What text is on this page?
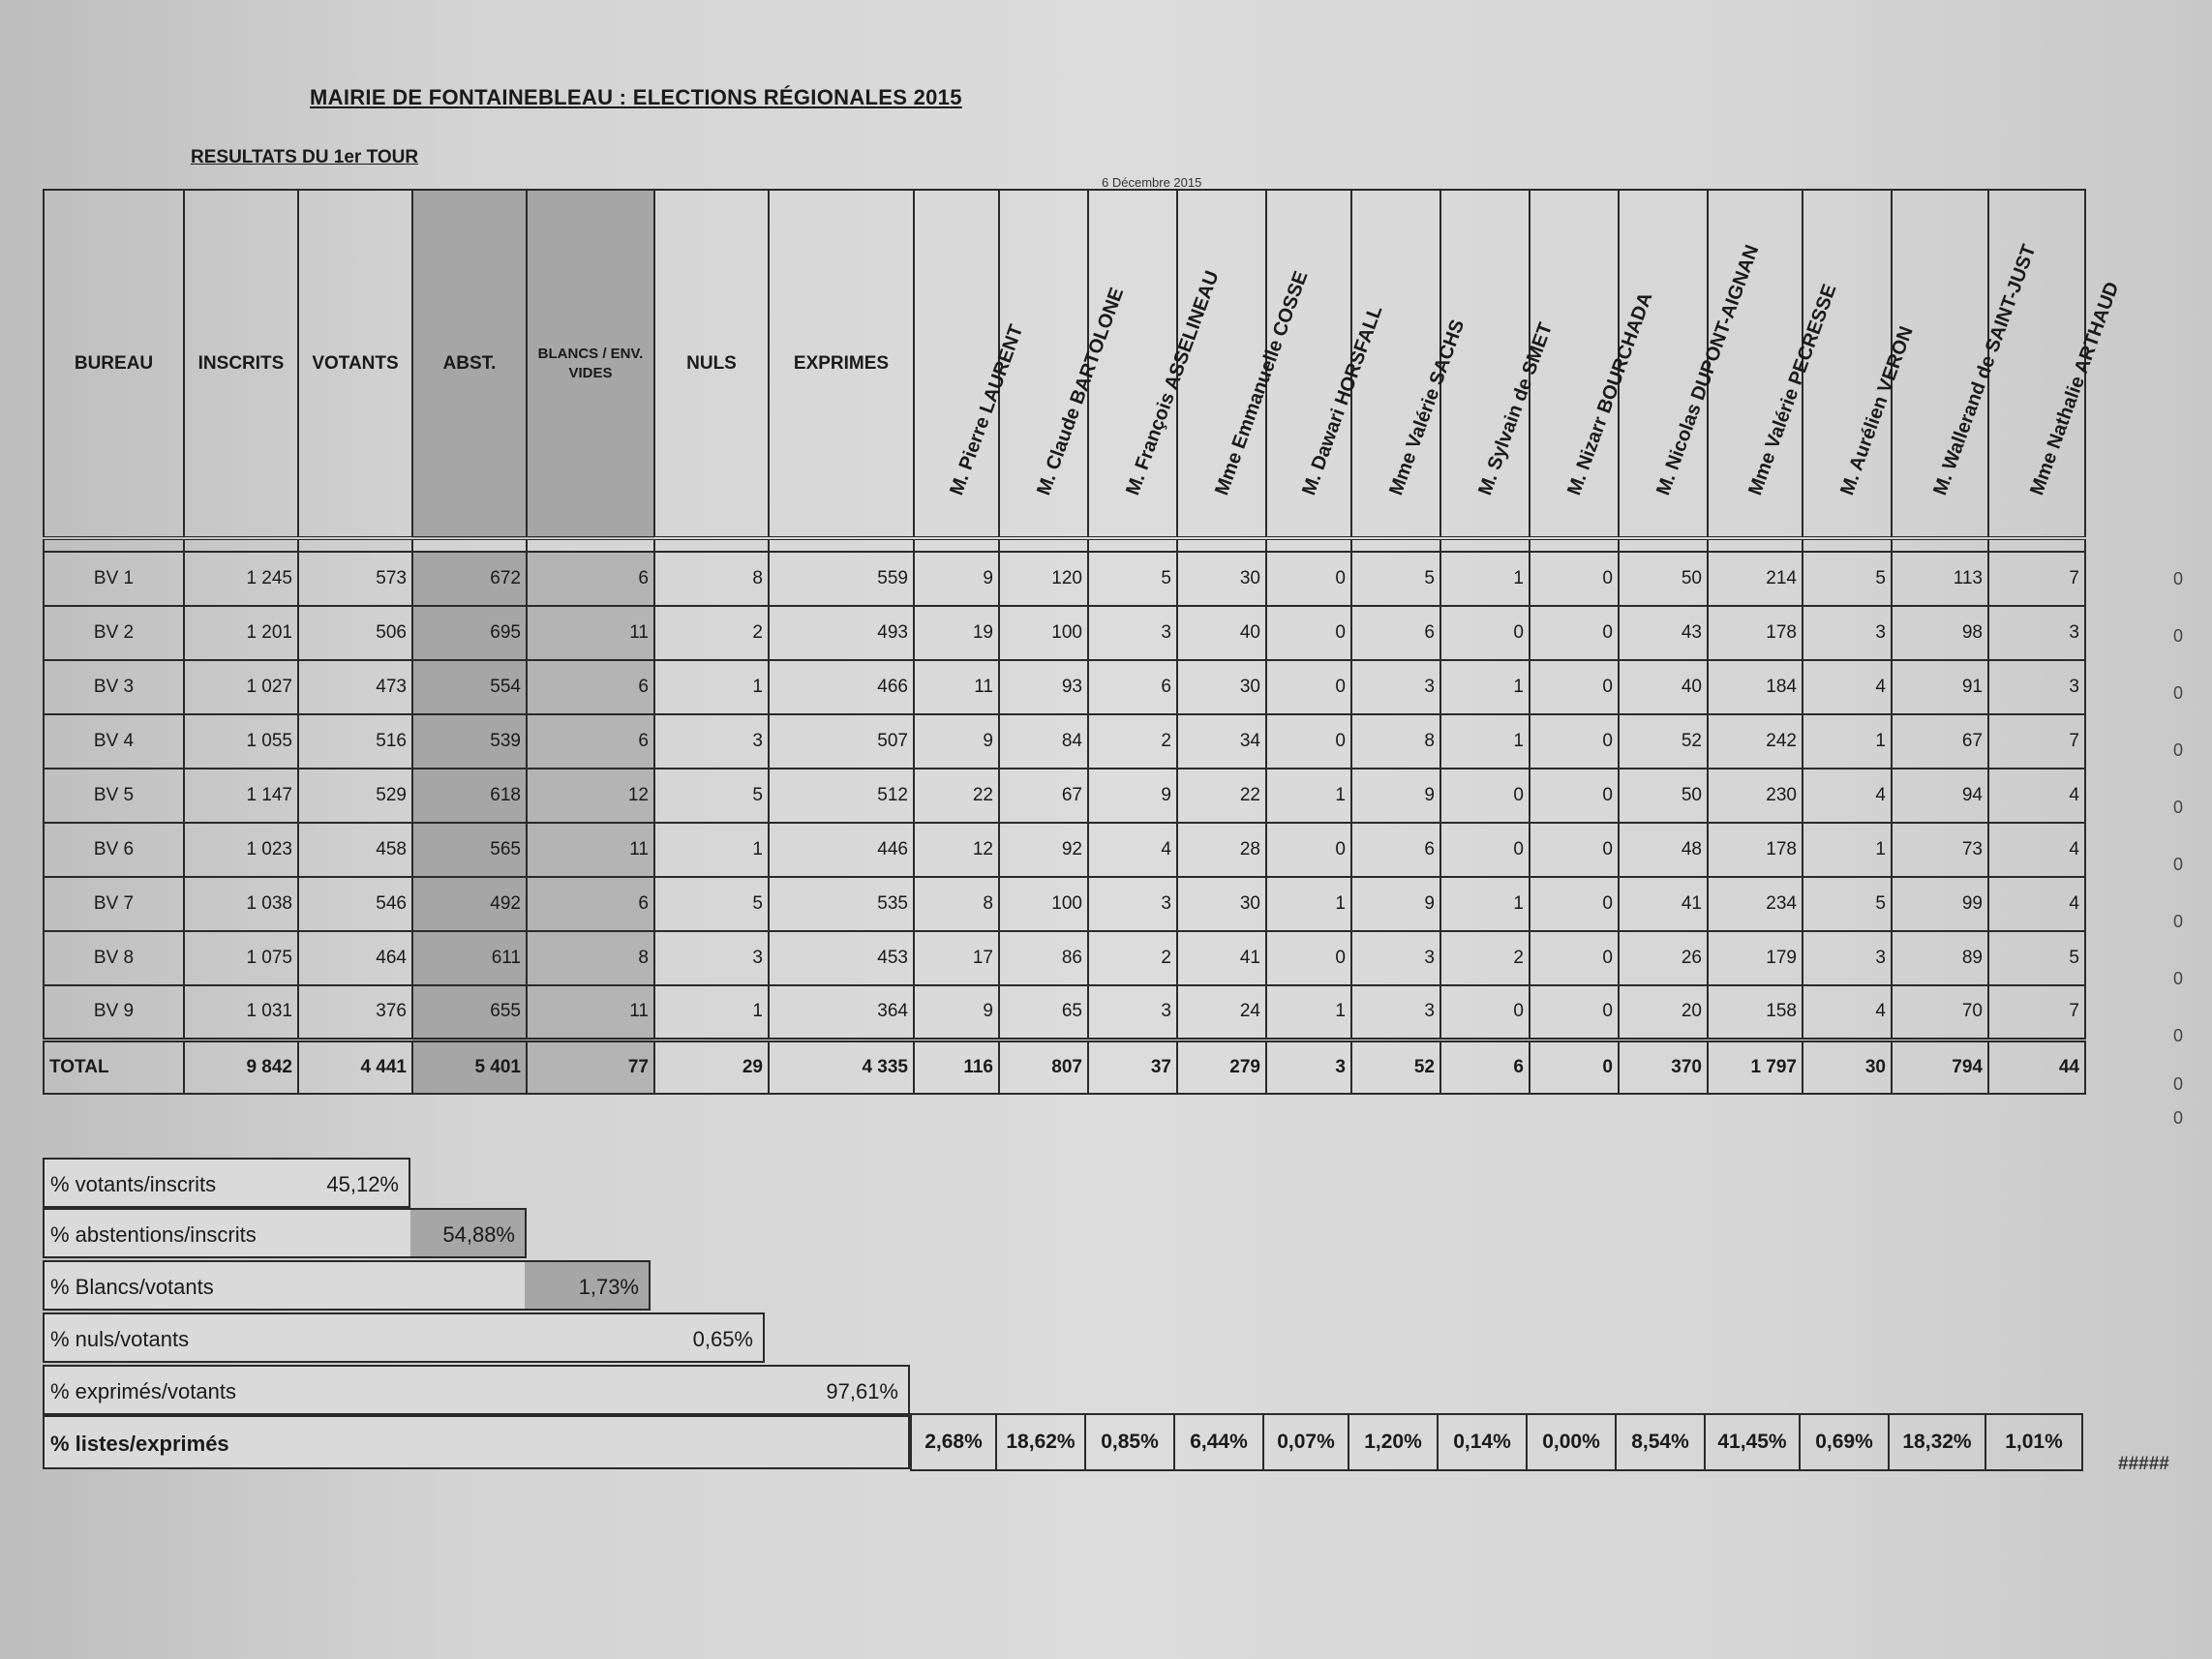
MAIRIE DE FONTAINEBLEAU : ELECTIONS RÉGIONALES 2015
RESULTATS DU 1er TOUR
6 Décembre 2015
BUREAU	INSCRITS	VOTANTS	ABST.	BLANCS / ENV. VIDES	NULS	EXPRIMES	M. Pierre LAURENT	M. Claude BARTOLONE	M. François ASSELINEAU	Mme Emmanuelle COSSE	M. Dawari HORSFALL	Mme Valérie SACHS	M. Sylvain de SMET	M. Nizarr BOURCHADA	M. Nicolas DUPONT-AIGNAN	Mme Valérie PECRESSE	M. Aurélien VERON	M. Wallerand de SAINT-JUST	Mme Nathalie ARTHAUD

BV 1	1 245	573	672	6	8	559	9	120	5	30	0	5	1	0	50	214	5	113	7
BV 2	1 201	506	695	11	2	493	19	100	3	40	0	6	0	0	43	178	3	98	3
BV 3	1 027	473	554	6	1	466	11	93	6	30	0	3	1	0	40	184	4	91	3
BV 4	1 055	516	539	6	3	507	9	84	2	34	0	8	1	0	52	242	1	67	7
BV 5	1 147	529	618	12	5	512	22	67	9	22	1	9	0	0	50	230	4	94	4
BV 6	1 023	458	565	11	1	446	12	92	4	28	0	6	0	0	48	178	1	73	4
BV 7	1 038	546	492	6	5	535	8	100	3	30	1	9	1	0	41	234	5	99	4
BV 8	1 075	464	611	8	3	453	17	86	2	41	0	3	2	0	26	179	3	89	5
BV 9	1 031	376	655	11	1	364	9	65	3	24	1	3	0	0	20	158	4	70	7
TOTAL	9 842	4 441	5 401	77	29	4 335	116	807	37	279	3	52	6	0	370	1 797	30	794	44
0
0
% votants/inscrits	45,12%
% abstentions/inscrits	54,88%
% Blancs/votants	1,73%
% nuls/votants	0,65%
% exprimés/votants	97,61%
% listes/exprimés	2,68%	18,62%	0,85%	6,44%	0,07%	1,20%	0,14%	0,00%	8,54%	41,45%	0,69%	18,32%	1,01%
#####
0
0
0
0
0
0
0
0
0
